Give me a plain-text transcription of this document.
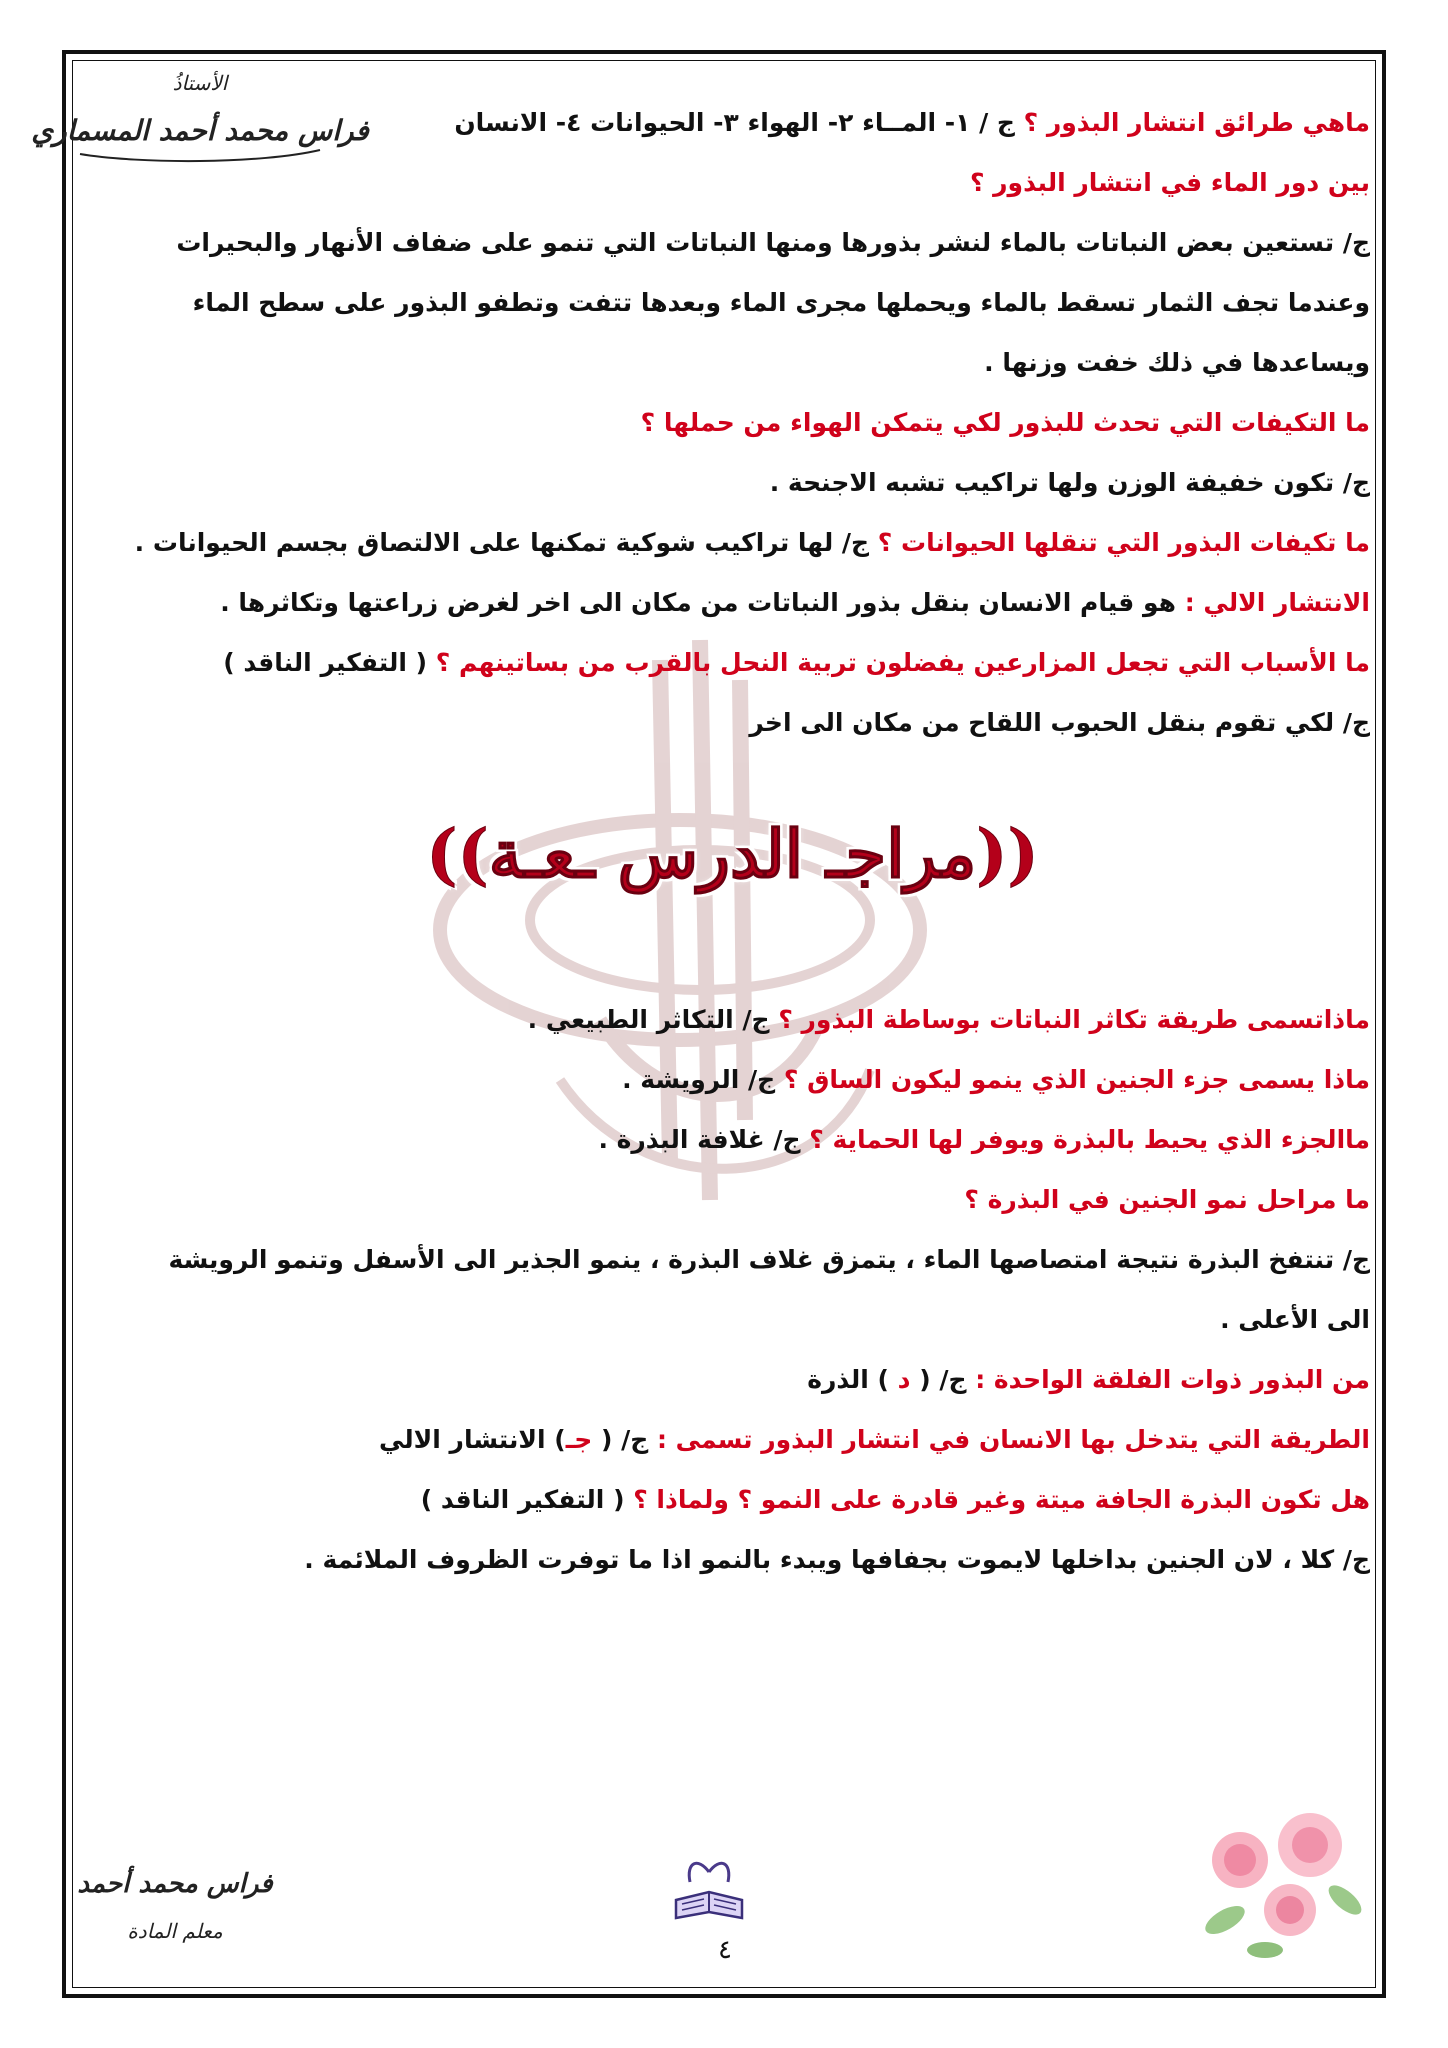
الأستاذُ
فراس محمد أحمد المسماري	ماهي طرائق انتشار البذور ؟ ج / ١- المــاء ٢- الهواء ٣- الحيوانات ٤- الانسان
بين دور الماء في انتشار البذور ؟
ج/ تستعين بعض النباتات بالماء لنشر بذورها ومنها النباتات التي تنمو على ضفاف الأنهار والبحيرات
وعندما تجف الثمار تسقط بالماء ويحملها مجرى الماء وبعدها تتفت وتطفو البذور على سطح الماء
ويساعدها في ذلك خفت وزنها .
ما التكيفات التي تحدث للبذور لكي يتمكن الهواء من حملها ؟
ج/ تكون خفيفة الوزن ولها تراكيب تشبه الاجنحة .
ما تكيفات البذور التي تنقلها الحيوانات ؟ ج/ لها تراكيب شوكية تمكنها على الالتصاق بجسم الحيوانات .
الانتشار الالي : هو قيام الانسان بنقل بذور النباتات من مكان الى اخر لغرض زراعتها وتكاثرها .
ما الأسباب التي تجعل المزارعين يفضلون تربية النحل بالقرب من بساتينهم ؟ ( التفكير الناقد )
ج/ لكي تقوم بنقل الحبوب اللقاح من مكان الى اخر
((مراجـ الدرس ـعـة))
ماذاتسمى طريقة تكاثر النباتات بوساطة البذور ؟ ج/ التكاثر الطبيعي .
ماذا يسمى جزء الجنين الذي ينمو ليكون الساق ؟ ج/ الرويشة .
ماالجزء الذي يحيط بالبذرة ويوفر لها الحماية ؟ ج/ غلافة البذرة .
ما مراحل نمو الجنين في البذرة ؟
ج/ تنتفخ البذرة نتيجة امتصاصها الماء ، يتمزق غلاف البذرة ، ينمو الجذير الى الأسفل وتنمو الرويشة
الى الأعلى .
من البذور ذوات الفلقة الواحدة : ج/ ( د ) الذرة
الطريقة التي يتدخل بها الانسان في انتشار البذور تسمى : ج/ ( جـ) الانتشار الالي
هل تكون البذرة الجافة ميتة وغير قادرة على النمو ؟ ولماذا ؟ ( التفكير الناقد )
ج/ كلا ، لان الجنين بداخلها لايموت بجفافها ويبدء بالنمو اذا ما توفرت الظروف الملائمة .
فراس محمد أحمد
معلم المادة
٤
